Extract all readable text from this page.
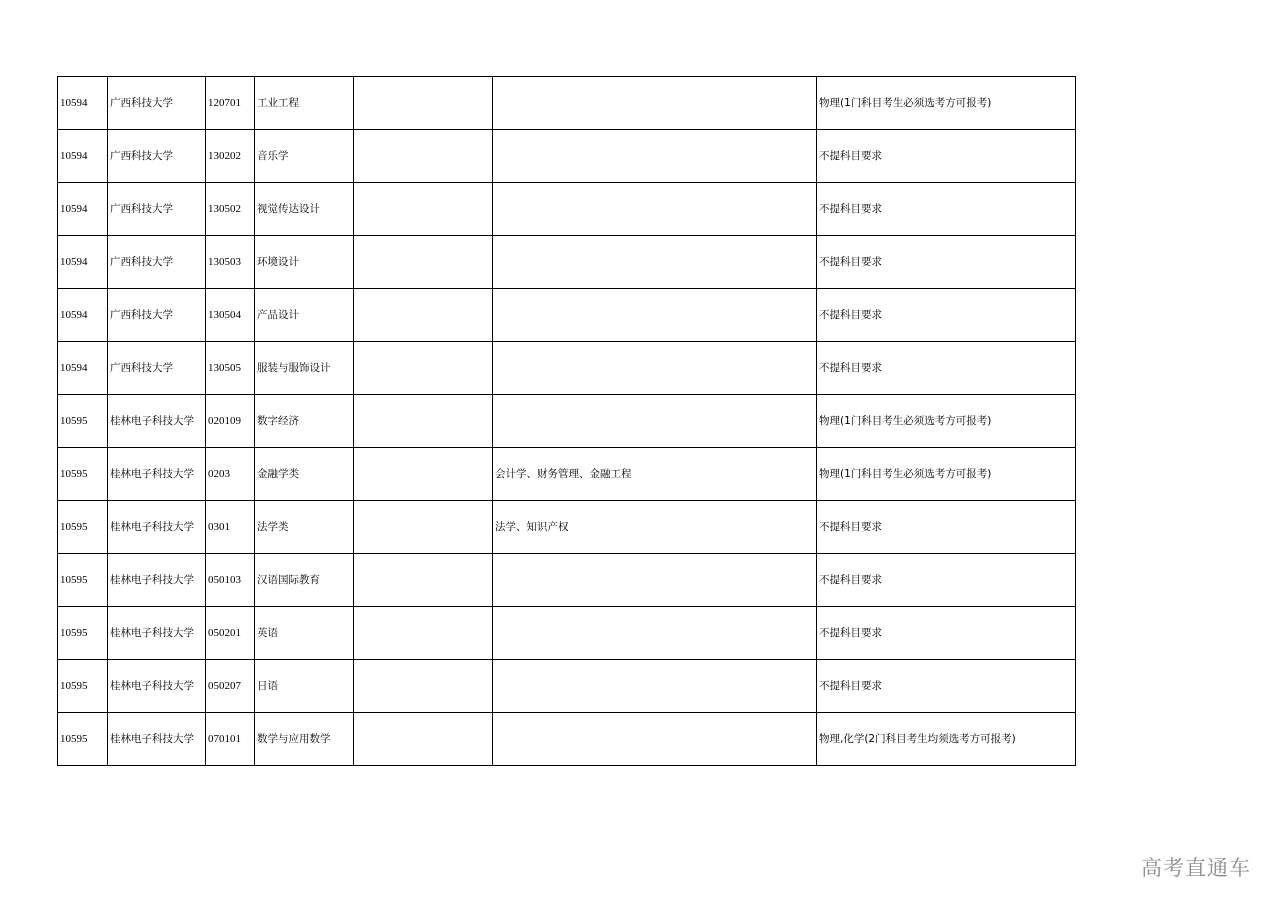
10594	广西科技大学	120701	工业工程			物理(1门科目考生必须选考方可报考)
10594	广西科技大学	130202	音乐学			不提科目要求
10594	广西科技大学	130502	视觉传达设计			不提科目要求
10594	广西科技大学	130503	环境设计			不提科目要求
10594	广西科技大学	130504	产品设计			不提科目要求
10594	广西科技大学	130505	服装与服饰设计			不提科目要求
10595	桂林电子科技大学	020109	数字经济			物理(1门科目考生必须选考方可报考)
10595	桂林电子科技大学	0203	金融学类		会计学、财务管理、金融工程	物理(1门科目考生必须选考方可报考)
10595	桂林电子科技大学	0301	法学类		法学、知识产权	不提科目要求
10595	桂林电子科技大学	050103	汉语国际教育			不提科目要求
10595	桂林电子科技大学	050201	英语			不提科目要求
10595	桂林电子科技大学	050207	日语			不提科目要求
10595	桂林电子科技大学	070101	数学与应用数学			物理,化学(2门科目考生均须选考方可报考)
高考直通车
